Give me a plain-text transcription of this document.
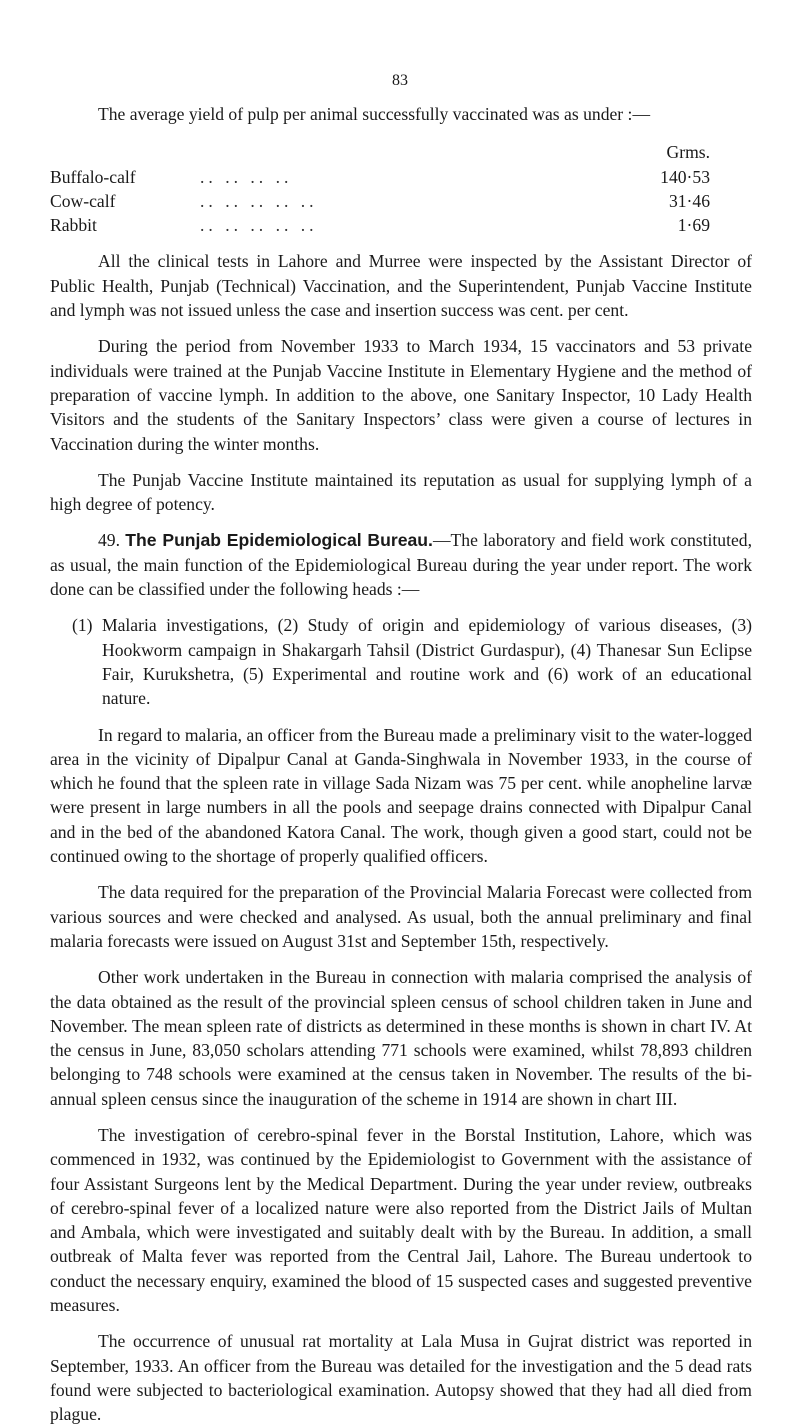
83

The average yield of pulp per animal successfully vaccinated was as under :—

Grms.		
Buffalo-calf	.. .. .. ..	140·53
Cow-calf	.. .. .. .. ..	31·46
Rabbit	.. .. .. .. ..	1·69

All the clinical tests in Lahore and Murree were inspected by the Assistant Director of Public Health, Punjab (Technical) Vaccination, and the Superintendent, Punjab Vaccine Institute and lymph was not issued unless the case and insertion success was cent. per cent.

During the period from November 1933 to March 1934, 15 vaccinators and 53 private individuals were trained at the Punjab Vaccine Institute in Elementary Hygiene and the method of preparation of vaccine lymph. In addition to the above, one Sanitary Inspector, 10 Lady Health Visitors and the students of the Sanitary Inspectors’ class were given a course of lectures in Vaccination during the winter months.

The Punjab Vaccine Institute maintained its reputation as usual for supplying lymph of a high degree of potency.

49. The Punjab Epidemiological Bureau.—The laboratory and field work constituted, as usual, the main function of the Epidemiological Bureau during the year under report. The work done can be classified under the following heads :—

(1) Malaria investigations, (2) Study of origin and epidemiology of various diseases, (3) Hookworm campaign in Shakargarh Tahsil (District Gurdaspur), (4) Thanesar Sun Eclipse Fair, Kurukshetra, (5) Experimental and routine work and (6) work of an educational nature.

In regard to malaria, an officer from the Bureau made a preliminary visit to the water-logged area in the vicinity of Dipalpur Canal at Ganda-Singhwala in November 1933, in the course of which he found that the spleen rate in village Sada Nizam was 75 per cent. while anopheline larvæ were present in large numbers in all the pools and seepage drains connected with Dipalpur Canal and in the bed of the abandoned Katora Canal. The work, though given a good start, could not be continued owing to the shortage of properly qualified officers.

The data required for the preparation of the Provincial Malaria Forecast were collected from various sources and were checked and analysed. As usual, both the annual preliminary and final malaria forecasts were issued on August 31st and September 15th, respectively.

Other work undertaken in the Bureau in connection with malaria comprised the analysis of the data obtained as the result of the provincial spleen census of school children taken in June and November. The mean spleen rate of districts as determined in these months is shown in chart IV. At the census in June, 83,050 scholars attending 771 schools were examined, whilst 78,893 children belonging to 748 schools were examined at the census taken in November. The results of the bi-annual spleen census since the inauguration of the scheme in 1914 are shown in chart III.

The investigation of cerebro-spinal fever in the Borstal Institution, Lahore, which was commenced in 1932, was continued by the Epidemiologist to Government with the assistance of four Assistant Surgeons lent by the Medical Department. During the year under review, outbreaks of cerebro-spinal fever of a localized nature were also reported from the District Jails of Multan and Ambala, which were investigated and suitably dealt with by the Bureau. In addition, a small outbreak of Malta fever was reported from the Central Jail, Lahore. The Bureau undertook to conduct the necessary enquiry, examined the blood of 15 suspected cases and suggested preventive measures.

The occurrence of unusual rat mortality at Lala Musa in Gujrat district was reported in September, 1933. An officer from the Bureau was detailed for the investigation and the 5 dead rats found were subjected to bacteriological examination. Autopsy showed that they had all died from plague.
